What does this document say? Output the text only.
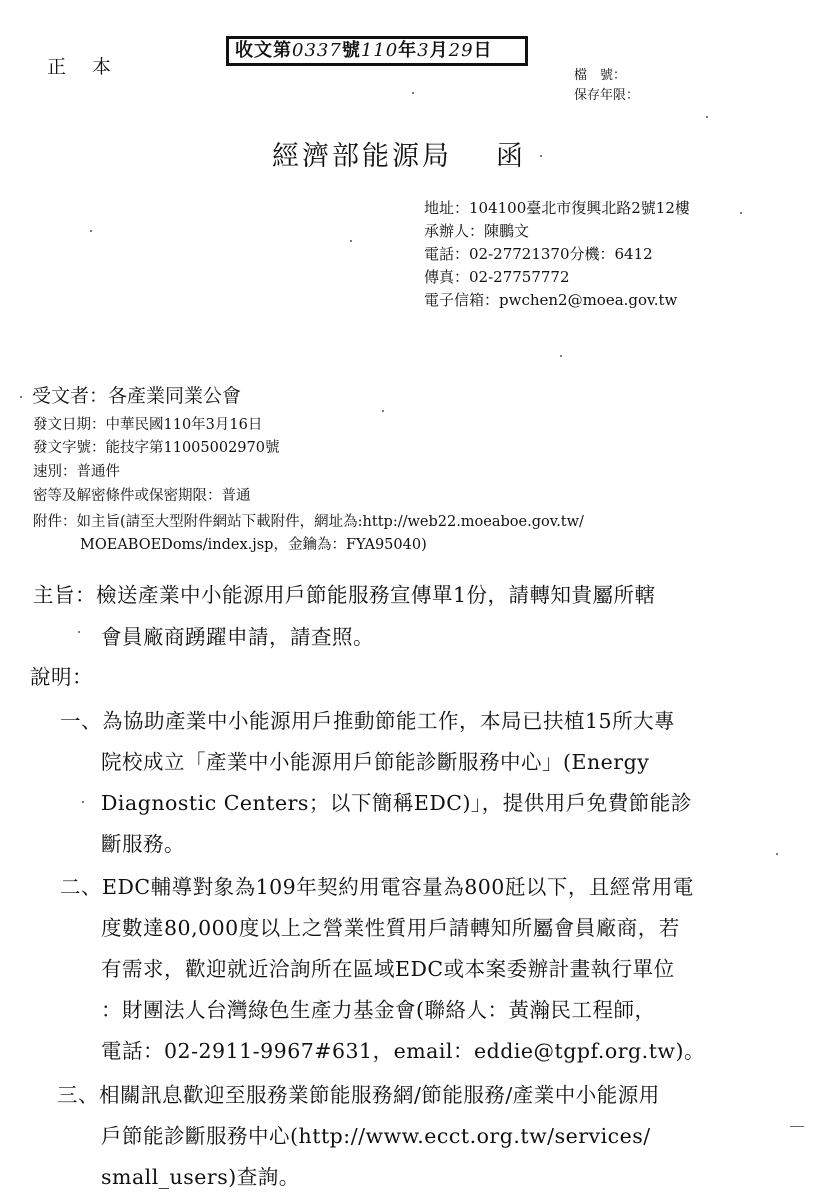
正本
收文第0337號110年3月29日
檔　號：
保存年限：
經濟部能源局 函
地址：104100臺北市復興北路2號12樓
承辦人：陳鵬文
電話：02-27721370分機：6412
傳真：02-27757772
電子信箱：pwchen2@moea.gov.tw
受文者：各產業同業公會
發文日期：中華民國110年3月16日
發文字號：能技字第11005002970號
速別：普通件
密等及解密條件或保密期限：普通
附件：如主旨(請至大型附件網站下載附件，網址為:http://web22.moeaboe.gov.tw/
MOEABOEDoms/index.jsp，金鑰為：FYA95040)
主旨：檢送產業中小能源用戶節能服務宣傳單1份，請轉知貴屬所轄
會員廠商踴躍申請，請查照。
說明：
一、為協助產業中小能源用戶推動節能工作，本局已扶植15所大專
院校成立「產業中小能源用戶節能診斷服務中心」(Energy
Diagnostic Centers；以下簡稱EDC)」，提供用戶免費節能診
斷服務。
二、EDC輔導對象為109年契約用電容量為800瓩以下，且經常用電
度數達80,000度以上之營業性質用戶請轉知所屬會員廠商，若
有需求，歡迎就近洽詢所在區域EDC或本案委辦計畫執行單位
：財團法人台灣綠色生產力基金會(聯絡人：黃瀚民工程師，
電話：02-2911-9967#631，email：eddie@tgpf.org.tw)。
三、相關訊息歡迎至服務業節能服務網/節能服務/產業中小能源用
戶節能診斷服務中心(http://www.ecct.org.tw/services/
small_users)查詢。
